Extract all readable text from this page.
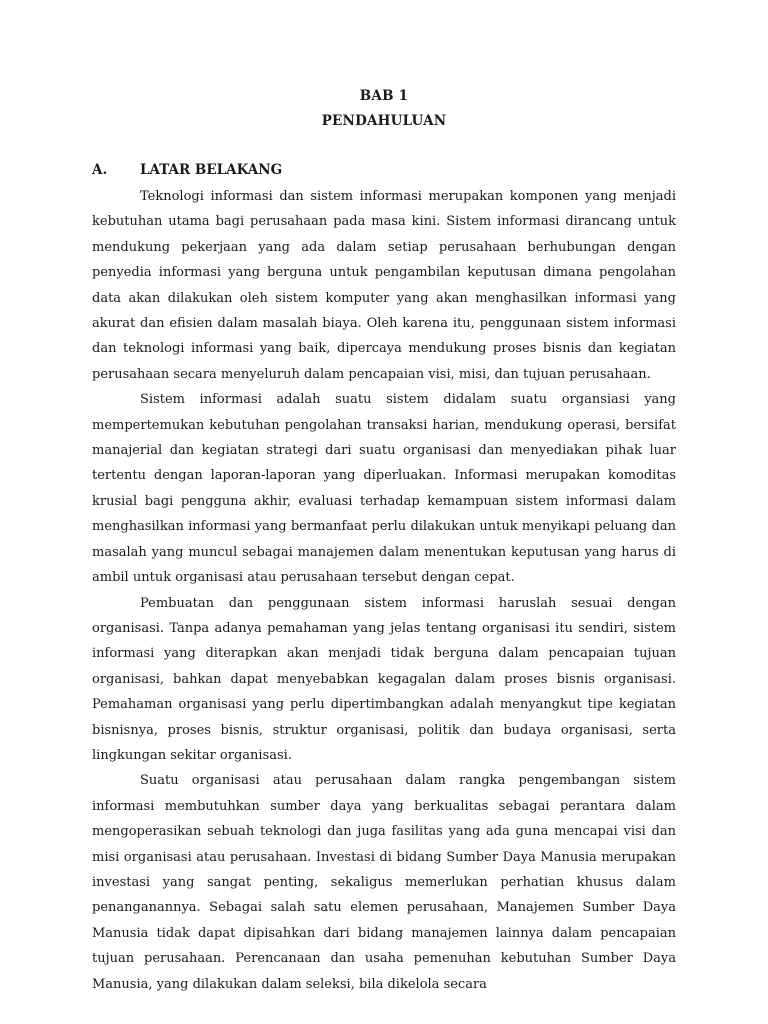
BAB 1
PENDAHULUAN
A. LATAR BELAKANG

Teknologi informasi dan sistem informasi merupakan komponen yang menjadi kebutuhan utama bagi perusahaan pada masa kini. Sistem informasi dirancang untuk mendukung pekerjaan yang ada dalam setiap perusahaan berhubungan dengan penyedia informasi yang berguna untuk pengambilan keputusan dimana pengolahan data akan dilakukan oleh sistem komputer yang akan menghasilkan informasi yang akurat dan efisien dalam masalah biaya. Oleh karena itu, penggunaan sistem informasi dan teknologi informasi yang baik, dipercaya mendukung proses bisnis dan kegiatan perusahaan secara menyeluruh dalam pencapaian visi, misi, dan tujuan perusahaan.

Sistem informasi adalah suatu sistem didalam suatu organsiasi yang mempertemukan kebutuhan pengolahan transaksi harian, mendukung operasi, bersifat manajerial dan kegiatan strategi dari suatu organisasi dan menyediakan pihak luar tertentu dengan laporan-laporan yang diperluakan. Informasi merupakan komoditas krusial bagi pengguna akhir, evaluasi terhadap kemampuan sistem informasi dalam menghasilkan informasi yang bermanfaat perlu dilakukan untuk menyikapi peluang dan masalah yang muncul sebagai manajemen dalam menentukan keputusan yang harus di ambil untuk organisasi atau perusahaan tersebut dengan cepat.

Pembuatan dan penggunaan sistem informasi haruslah sesuai dengan organisasi. Tanpa adanya pemahaman yang jelas tentang organisasi itu sendiri, sistem informasi yang diterapkan akan menjadi tidak berguna dalam pencapaian tujuan organisasi, bahkan dapat menyebabkan kegagalan dalam proses bisnis organisasi. Pemahaman organisasi yang perlu dipertimbangkan adalah menyangkut tipe kegiatan bisnisnya, proses bisnis, struktur organisasi, politik dan budaya organisasi, serta lingkungan sekitar organisasi.

Suatu organisasi atau perusahaan dalam rangka pengembangan sistem informasi membutuhkan sumber daya yang berkualitas sebagai perantara dalam mengoperasikan sebuah teknologi dan juga fasilitas yang ada guna mencapai visi dan misi organisasi atau perusahaan. Investasi di bidang Sumber Daya Manusia merupakan investasi yang sangat penting, sekaligus memerlukan perhatian khusus dalam penanganannya. Sebagai salah satu elemen perusahaan, Manajemen Sumber Daya Manusia tidak dapat dipisahkan dari bidang manajemen lainnya dalam pencapaian tujuan perusahaan. Perencanaan dan usaha pemenuhan kebutuhan Sumber Daya Manusia, yang dilakukan dalam seleksi, bila dikelola secara
